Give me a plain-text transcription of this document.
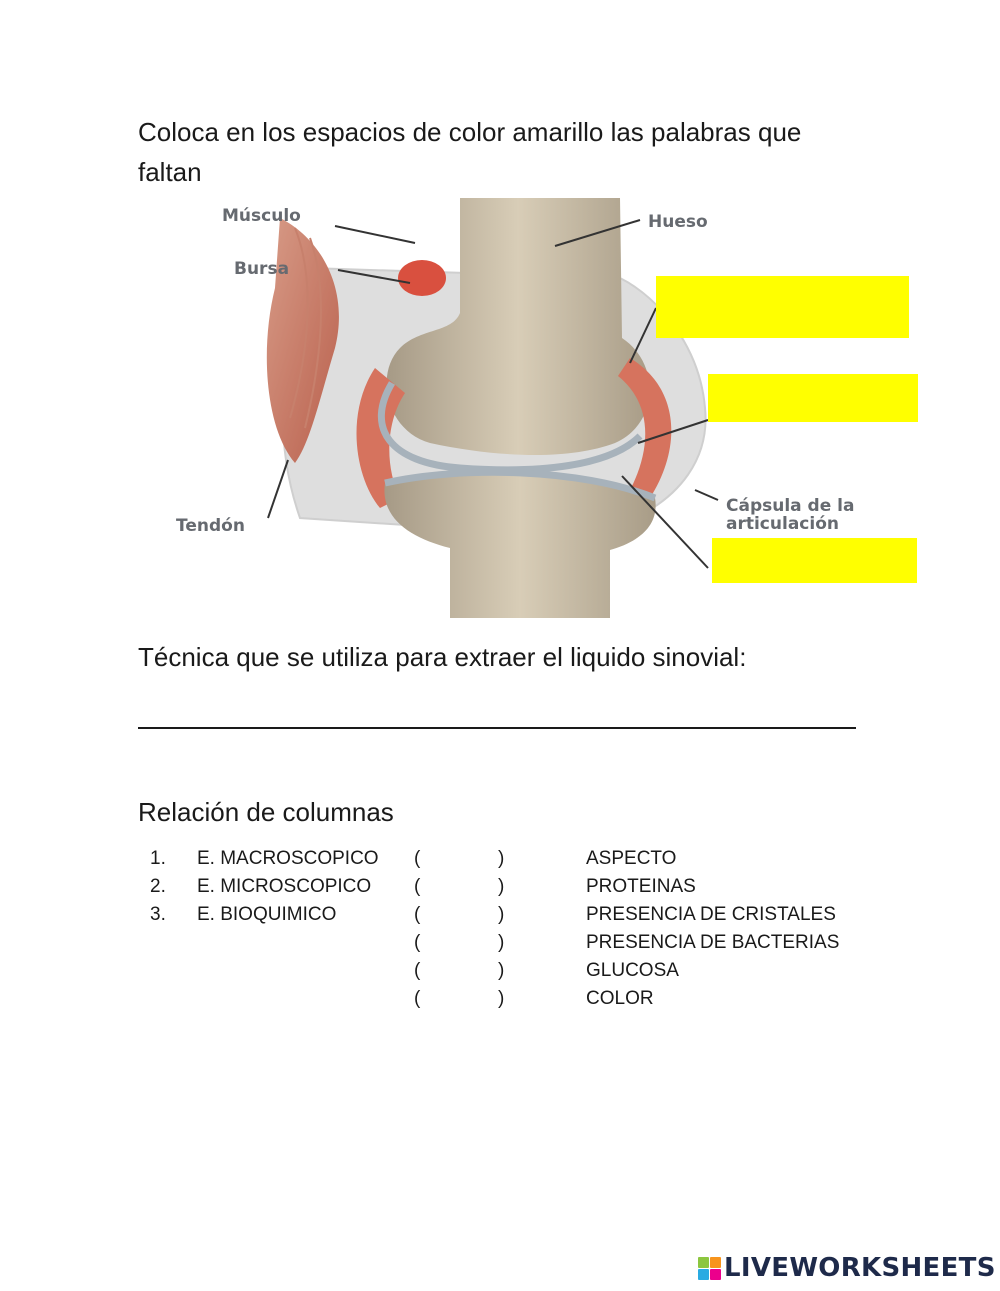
Coloca en los espacios de color amarillo las palabras que faltan

Músculo
Bursa
Hueso
Tendón
Cápsula de la
articulación

Técnica que se utiliza para extraer el liquido sinovial:

Relación de columnas

1. E. MACROSCOPICO (	)	ASPECTO
2. E. MICROSCOPICO (	)	PROTEINAS
3. E. BIOQUIMICO	(	)	PRESENCIA DE CRISTALES
(	)	PRESENCIA DE BACTERIAS
(	)	GLUCOSA
(	)	COLOR
LIVEWORKSHEETS
